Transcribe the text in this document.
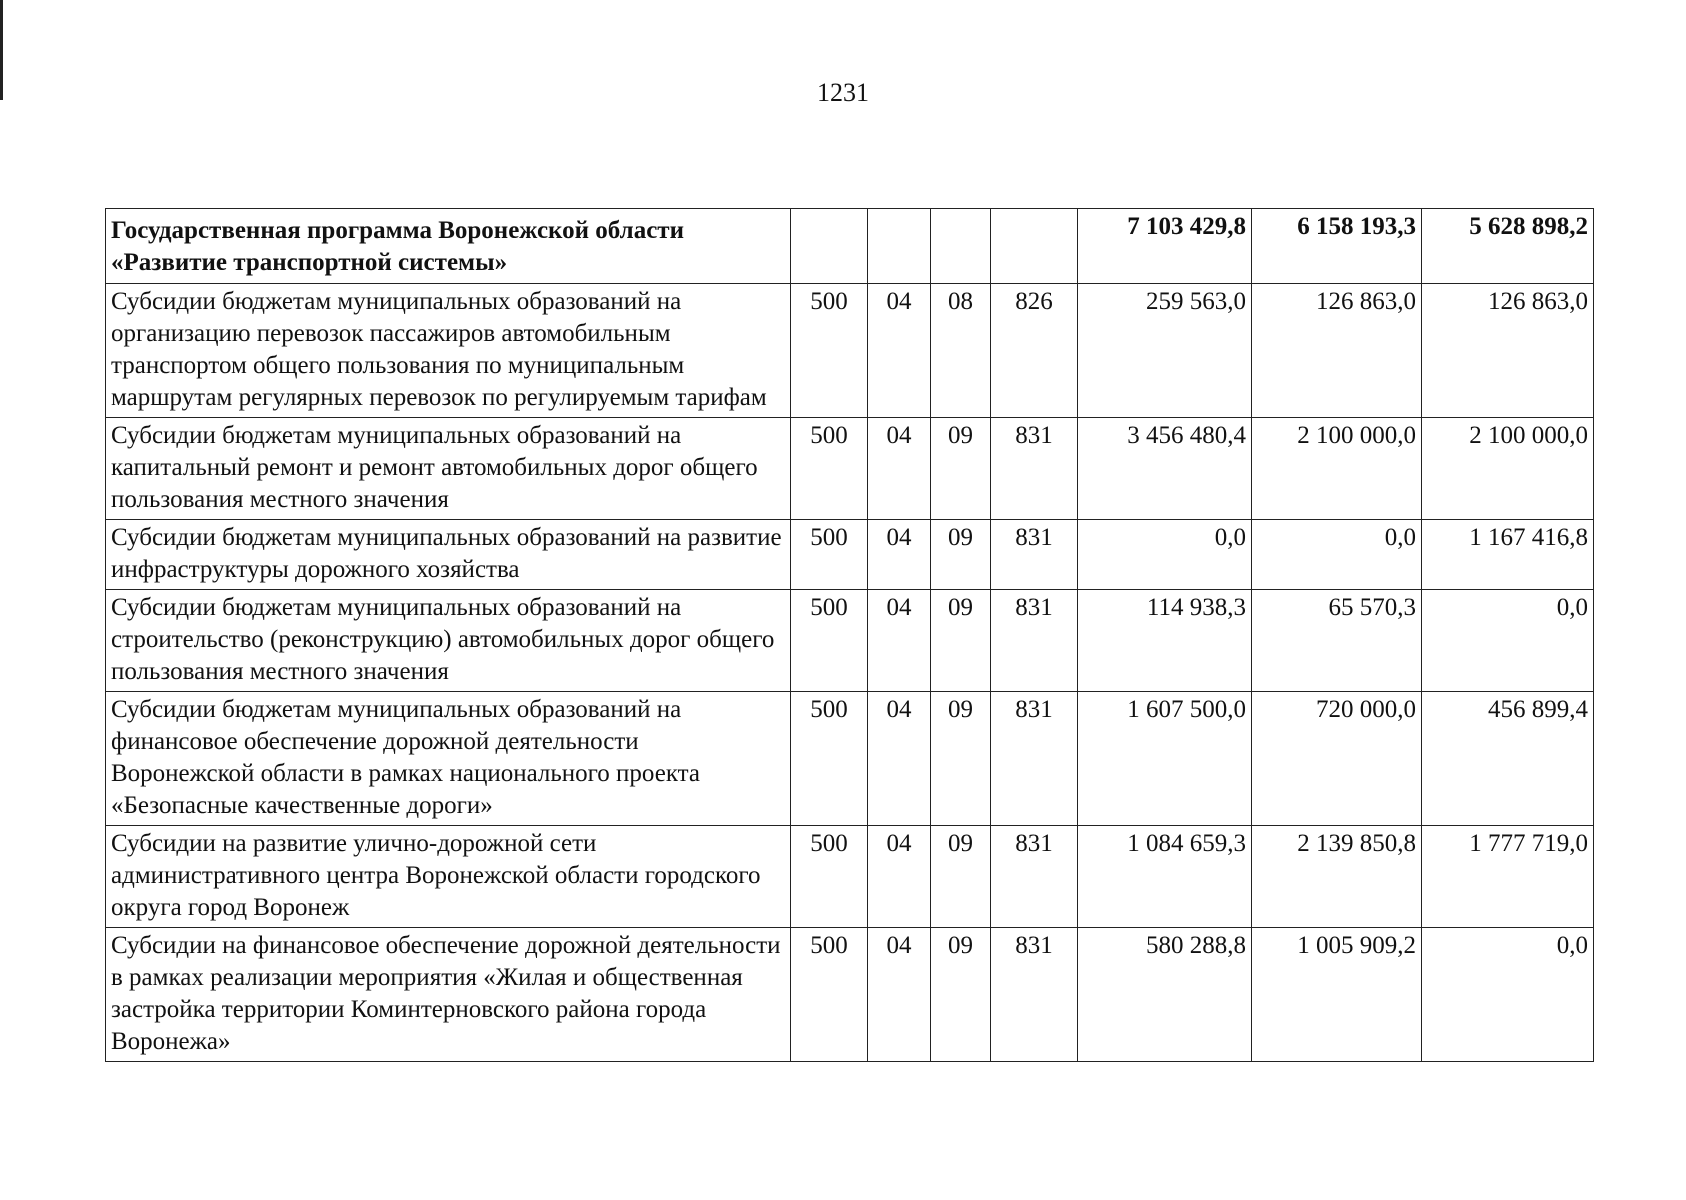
1231
Государственная программа Воронежской области «Развитие транспортной системы»					7 103 429,8	6 158 193,3	5 628 898,2
Субсидии бюджетам муниципальных образований на организацию перевозок пассажиров автомобильным транспортом общего пользования по муниципальным маршрутам регулярных перевозок по регулируемым тарифам	500	04	08	826	259 563,0	126 863,0	126 863,0
Субсидии бюджетам муниципальных образований на капитальный ремонт и ремонт автомобильных дорог общего пользования местного значения	500	04	09	831	3 456 480,4	2 100 000,0	2 100 000,0
Субсидии бюджетам муниципальных образований на развитие инфраструктуры дорожного хозяйства	500	04	09	831	0,0	0,0	1 167 416,8
Субсидии бюджетам муниципальных образований на строительство (реконструкцию) автомобильных дорог общего пользования местного значения	500	04	09	831	114 938,3	65 570,3	0,0
Субсидии бюджетам муниципальных образований на финансовое обеспечение дорожной деятельности Воронежской области в рамках национального проекта «Безопасные качественные дороги»	500	04	09	831	1 607 500,0	720 000,0	456 899,4
Субсидии на развитие улично-дорожной сети административного центра Воронежской области городского округа город Воронеж	500	04	09	831	1 084 659,3	2 139 850,8	1 777 719,0
Субсидии на финансовое обеспечение дорожной деятельности в рамках реализации мероприятия «Жилая и общественная застройка территории Коминтерновского района города Воронежа»	500	04	09	831	580 288,8	1 005 909,2	0,0
